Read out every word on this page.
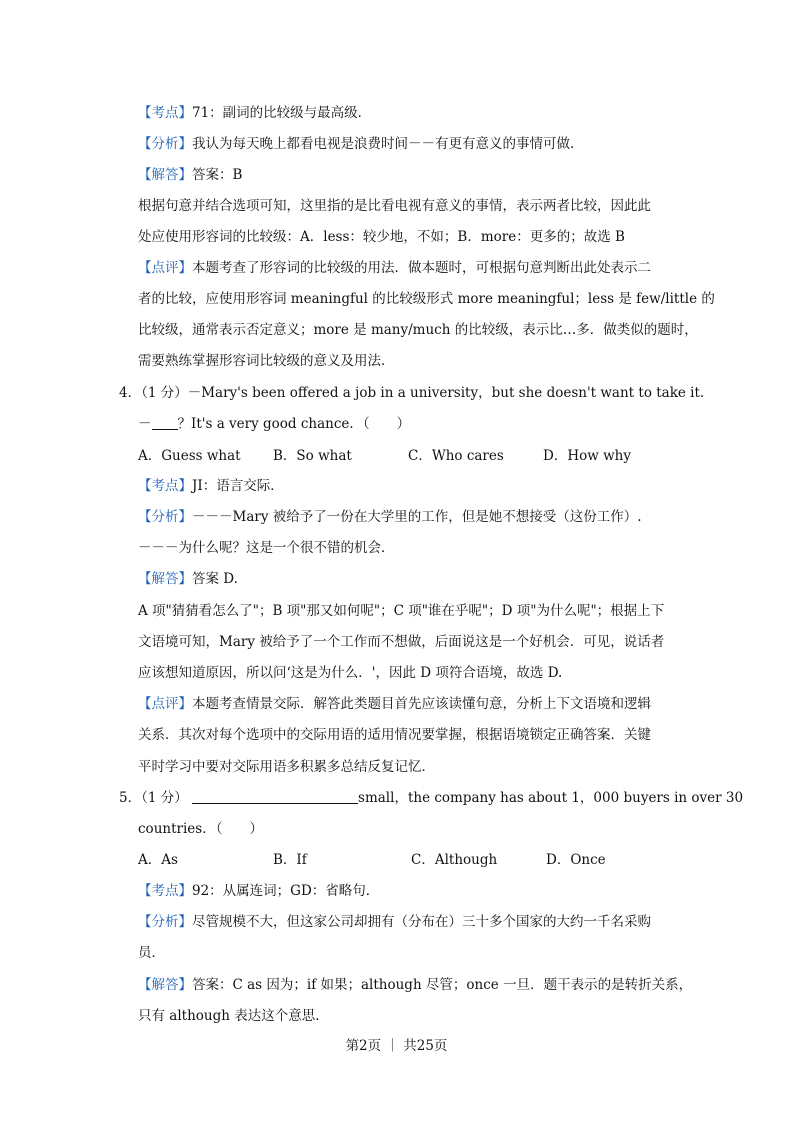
【考点】71：副词的比较级与最高级．
【分析】我认为每天晚上都看电视是浪费时间－－有更有意义的事情可做．
【解答】答案：B
根据句意并结合选项可知，这里指的是比看电视有意义的事情，表示两者比较，因此此
处应使用形容词的比较级：A．less：较少地，不如；B．more：更多的；故选 B
【点评】本题考查了形容词的比较级的用法．做本题时，可根据句意判断出此处表示二
者的比较，应使用形容词 meaningful 的比较级形式 more meaningful；less 是 few/little 的
比较级，通常表示否定意义；more 是 many/much 的比较级，表示比…多．做类似的题时，
需要熟练掌握形容词比较级的意义及用法．
4．（1 分）－Mary's been offered a job in a university，but she doesn't want to take it.
－ ？It's a very good chance．（　　）
A．Guess what B．So what	C．Who cares	D．How why
【考点】JI：语言交际．
【分析】－－－Mary 被给予了一份在大学里的工作，但是她不想接受（这份工作）.
－－－为什么呢？这是一个很不错的机会．
【解答】答案 D.
A 项"猜猜看怎么了"；B 项"那又如何呢"；C 项"谁在乎呢"；D 项"为什么呢"；根据上下
文语境可知，Mary 被给予了一个工作而不想做，后面说这是一个好机会．可见，说话者
应该想知道原因，所以问‘这是为什么．'，因此 D 项符合语境，故选 D.
【点评】本题考查情景交际．解答此类题目首先应该读懂句意，分析上下文语境和逻辑
关系．其次对每个选项中的交际用语的适用情况要掌握，根据语境锁定正确答案．关键
平时学习中要对交际用语多积累多总结反复记忆．
5．（1 分）	small，the company has about 1，000 buyers in over 30
countries．（　　）
A．As	B．If	C．Although	D．Once
【考点】92：从属连词；GD：省略句．
【分析】尽管规模不大，但这家公司却拥有（分布在）三十多个国家的大约一千名采购
员．
【解答】答案：C as 因为；if 如果；although 尽管；once 一旦．题干表示的是转折关系，
只有 although 表达这个意思.
第2页 ｜ 共25页
